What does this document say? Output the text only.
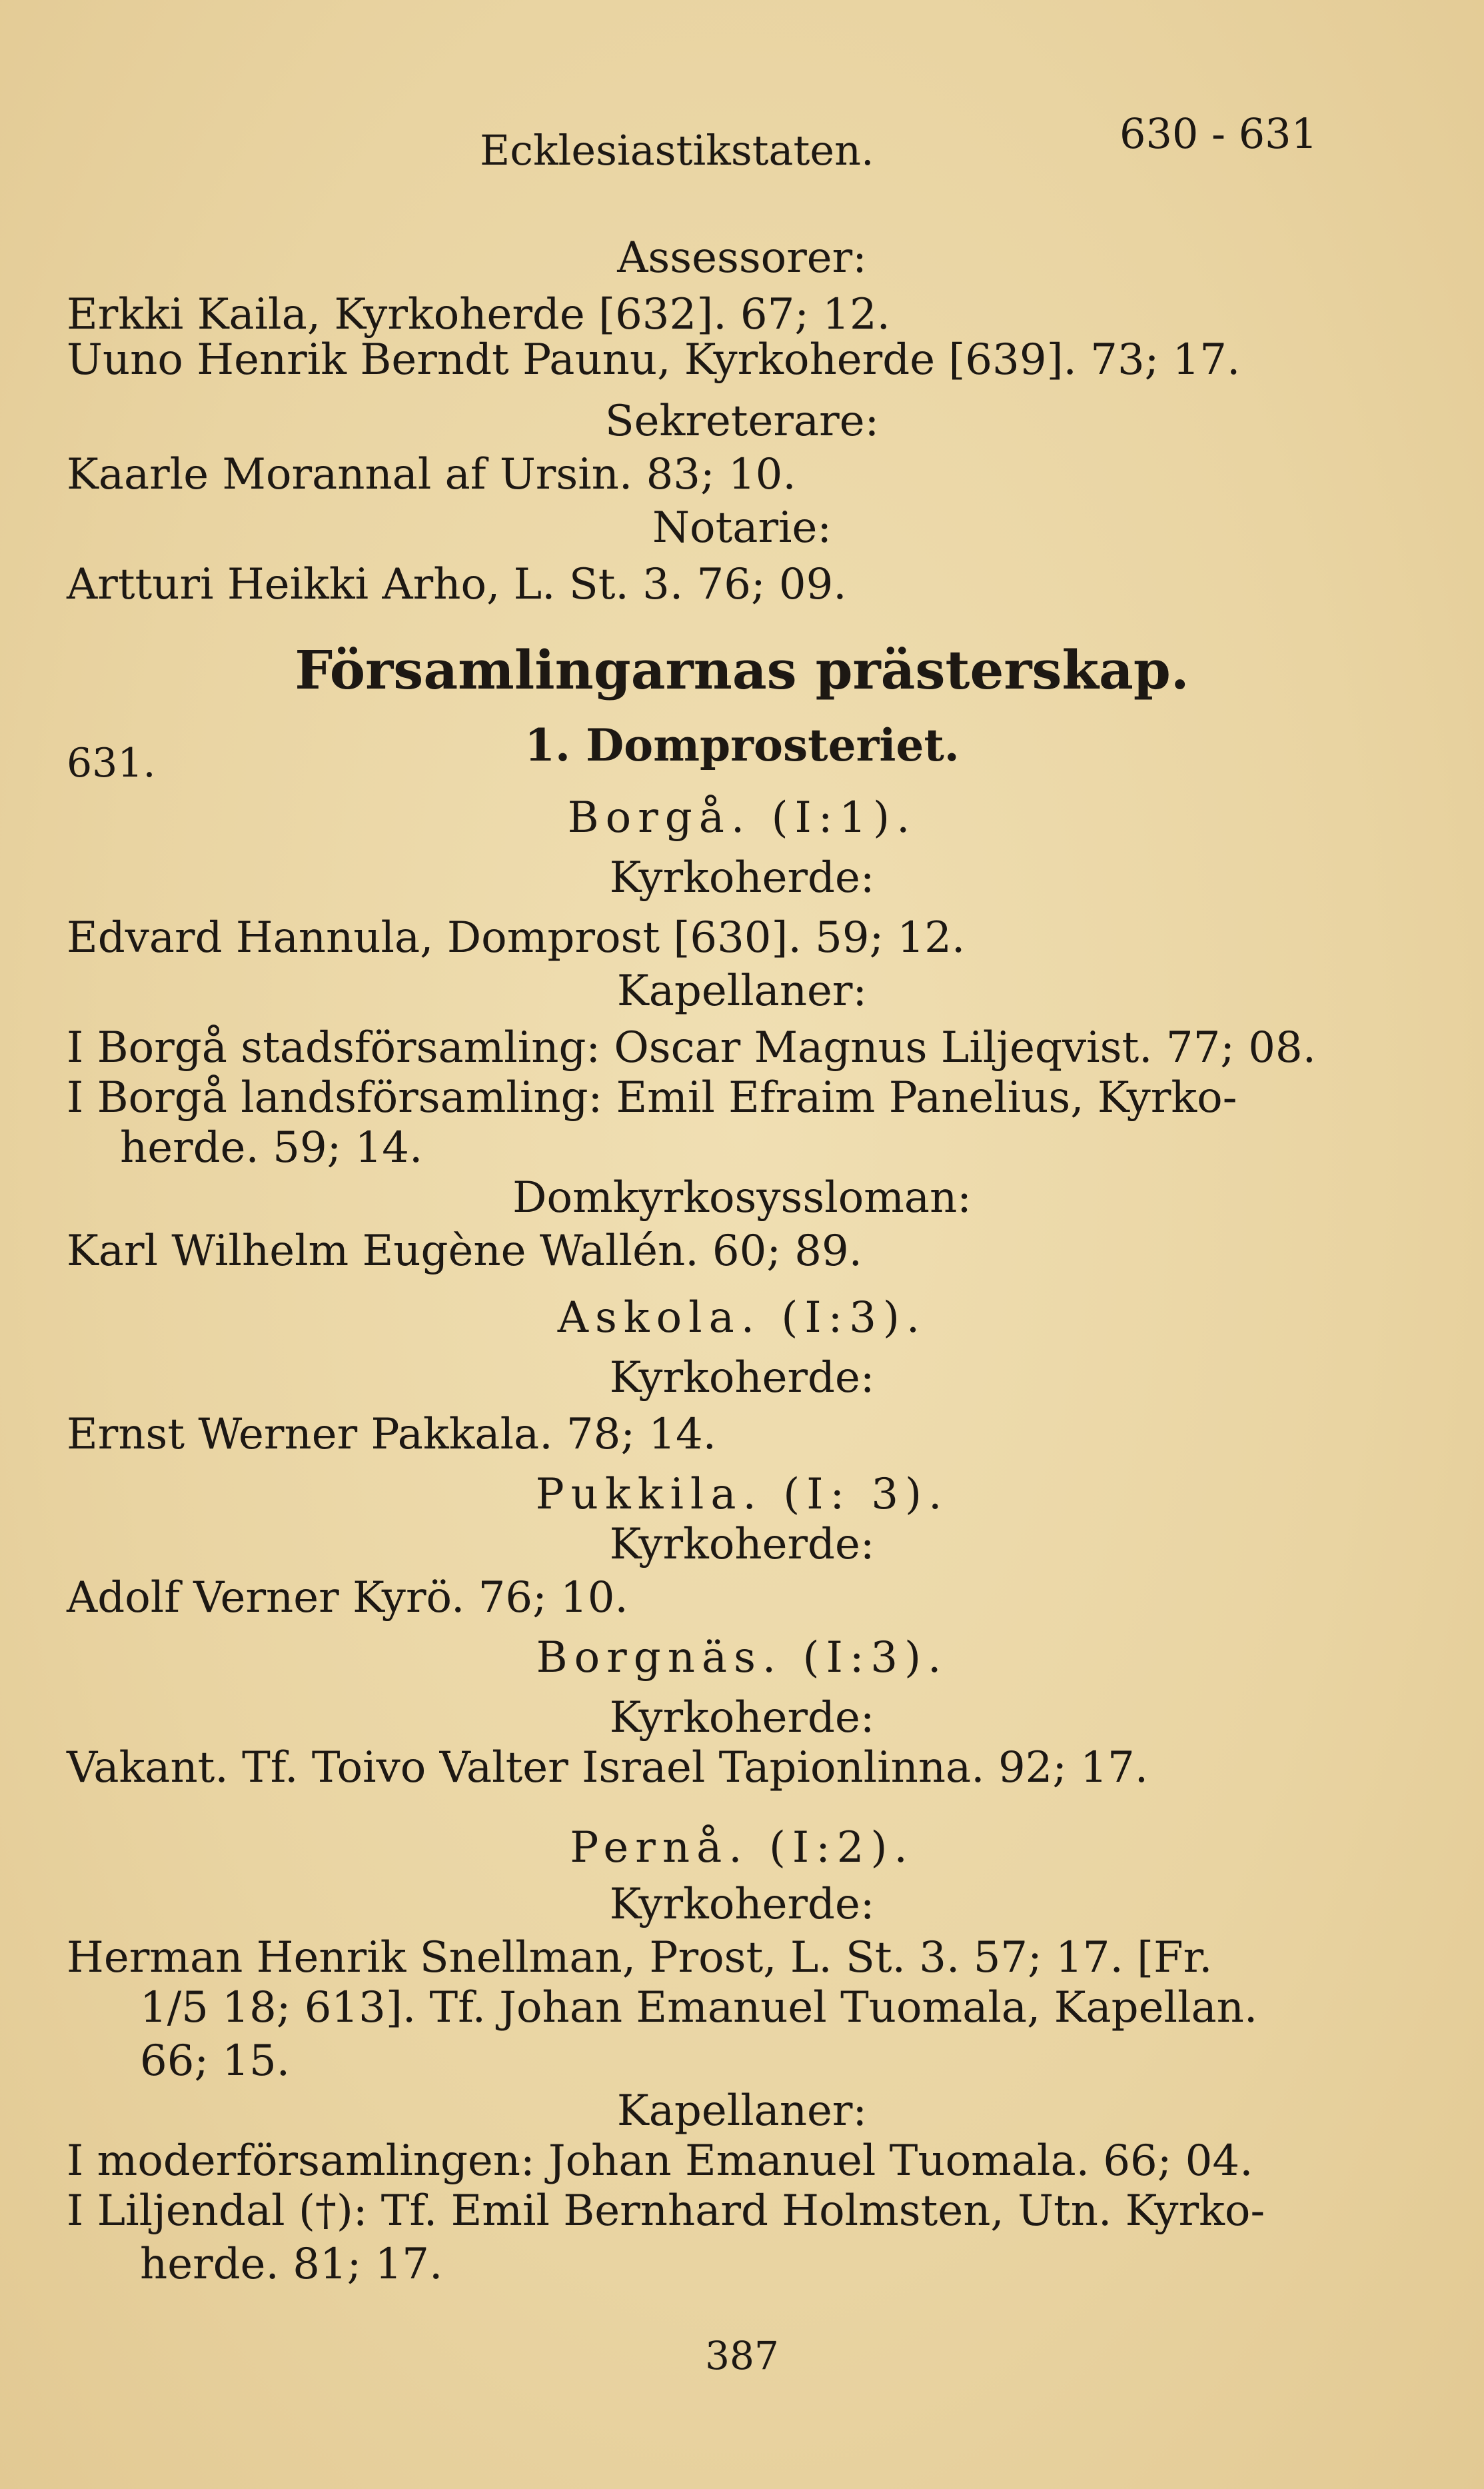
Ecklesiastikstaten.	630 - 631
Assessorer:
Erkki Kaila, Kyrkoherde [632]. 67; 12.
Uuno Henrik Berndt Paunu, Kyrkoherde [639]. 73; 17.
Sekreterare:
Kaarle Morannal af Ursin. 83; 10.
Notarie:
Artturi Heikki Arho, L. St. 3. 76; 09.
Församlingarnas prästerskap.
631.	1. Domprosteriet.
Borgå. (I:1).
Kyrkoherde:
Edvard Hannula, Domprost [630]. 59; 12.
Kapellaner:
I Borgå stadsförsamling: Oscar Magnus Liljeqvist. 77; 08.
I Borgå landsförsamling: Emil Efraim Panelius, Kyrko-
herde. 59; 14.
Domkyrkosyssloman:
Karl Wilhelm Eugène Wallén. 60; 89.
Askola. (I:3).
Kyrkoherde:
Ernst Werner Pakkala. 78; 14.
Pukkila. (I: 3).
Kyrkoherde:
Adolf Verner Kyrö. 76; 10.
Borgnäs. (I:3).
Kyrkoherde:
Vakant. Tf. Toivo Valter Israel Tapionlinna. 92; 17.
Pernå. (I:2).
Kyrkoherde:
Herman Henrik Snellman, Prost, L. St. 3. 57; 17. [Fr.
1/5 18; 613]. Tf. Johan Emanuel Tuomala, Kapellan.
66; 15.
Kapellaner:
I moderförsamlingen: Johan Emanuel Tuomala. 66; 04.
I Liljendal (†): Tf. Emil Bernhard Holmsten, Utn. Kyrko-
herde. 81; 17.
387
